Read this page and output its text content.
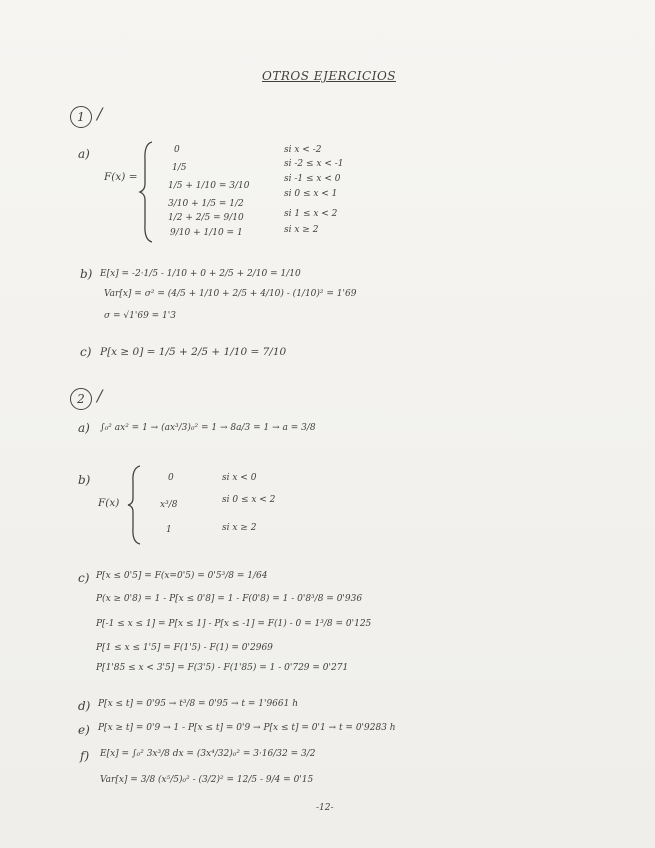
OTROS EJERCICIOS
1 /
a)
F(x) =
0
1/5
1/5 + 1/10 = 3/10
3/10 + 1/5 = 1/2
1/2 + 2/5 = 9/10
9/10 + 1/10 = 1
si x < -2
si -2 ≤ x < -1
si -1 ≤ x < 0
si 0 ≤ x < 1
si 1 ≤ x < 2
si x ≥ 2
b) E[x] = -2·1/5 - 1/10 + 0 + 2/5 + 2/10 = 1/10
Var[x] = σ² = (4/5 + 1/10 + 2/5 + 4/10) - (1/10)² = 1'69
σ = √1'69 = 1'3
c) P[x ≥ 0] = 1/5 + 2/5 + 1/10 = 7/10
2 /
a) ∫₀² ax² = 1 → (ax³/3)₀² = 1 → 8a/3 = 1 → a = 3/8
b)
F(x)
0
x³/8
1
si x < 0
si 0 ≤ x < 2
si x ≥ 2
c) P[x ≤ 0'5] = F(x=0'5) = 0'5³/8 = 1/64
P(x ≥ 0'8) = 1 - P[x ≤ 0'8] = 1 - F(0'8) = 1 - 0'8³/8 = 0'936
P[-1 ≤ x ≤ 1] = P[x ≤ 1] - P[x ≤ -1] = F(1) - 0 = 1³/8 = 0'125
P[1 ≤ x ≤ 1'5] = F(1'5) - F(1) = 0'2969
P[1'85 ≤ x < 3'5] = F(3'5) - F(1'85) = 1 - 0'729 = 0'271
d) P[x ≤ t] = 0'95 → t³/8 = 0'95 → t = 1'9661 h
e) P[x ≥ t] = 0'9 → 1 - P[x ≤ t] = 0'9 → P[x ≤ t] = 0'1 → t = 0'9283 h
f) E[x] = ∫₀² 3x³/8 dx = (3x⁴/32)₀² = 3·16/32 = 3/2
Var[x] = 3/8 (x⁵/5)₀² - (3/2)² = 12/5 - 9/4 = 0'15
-12-
